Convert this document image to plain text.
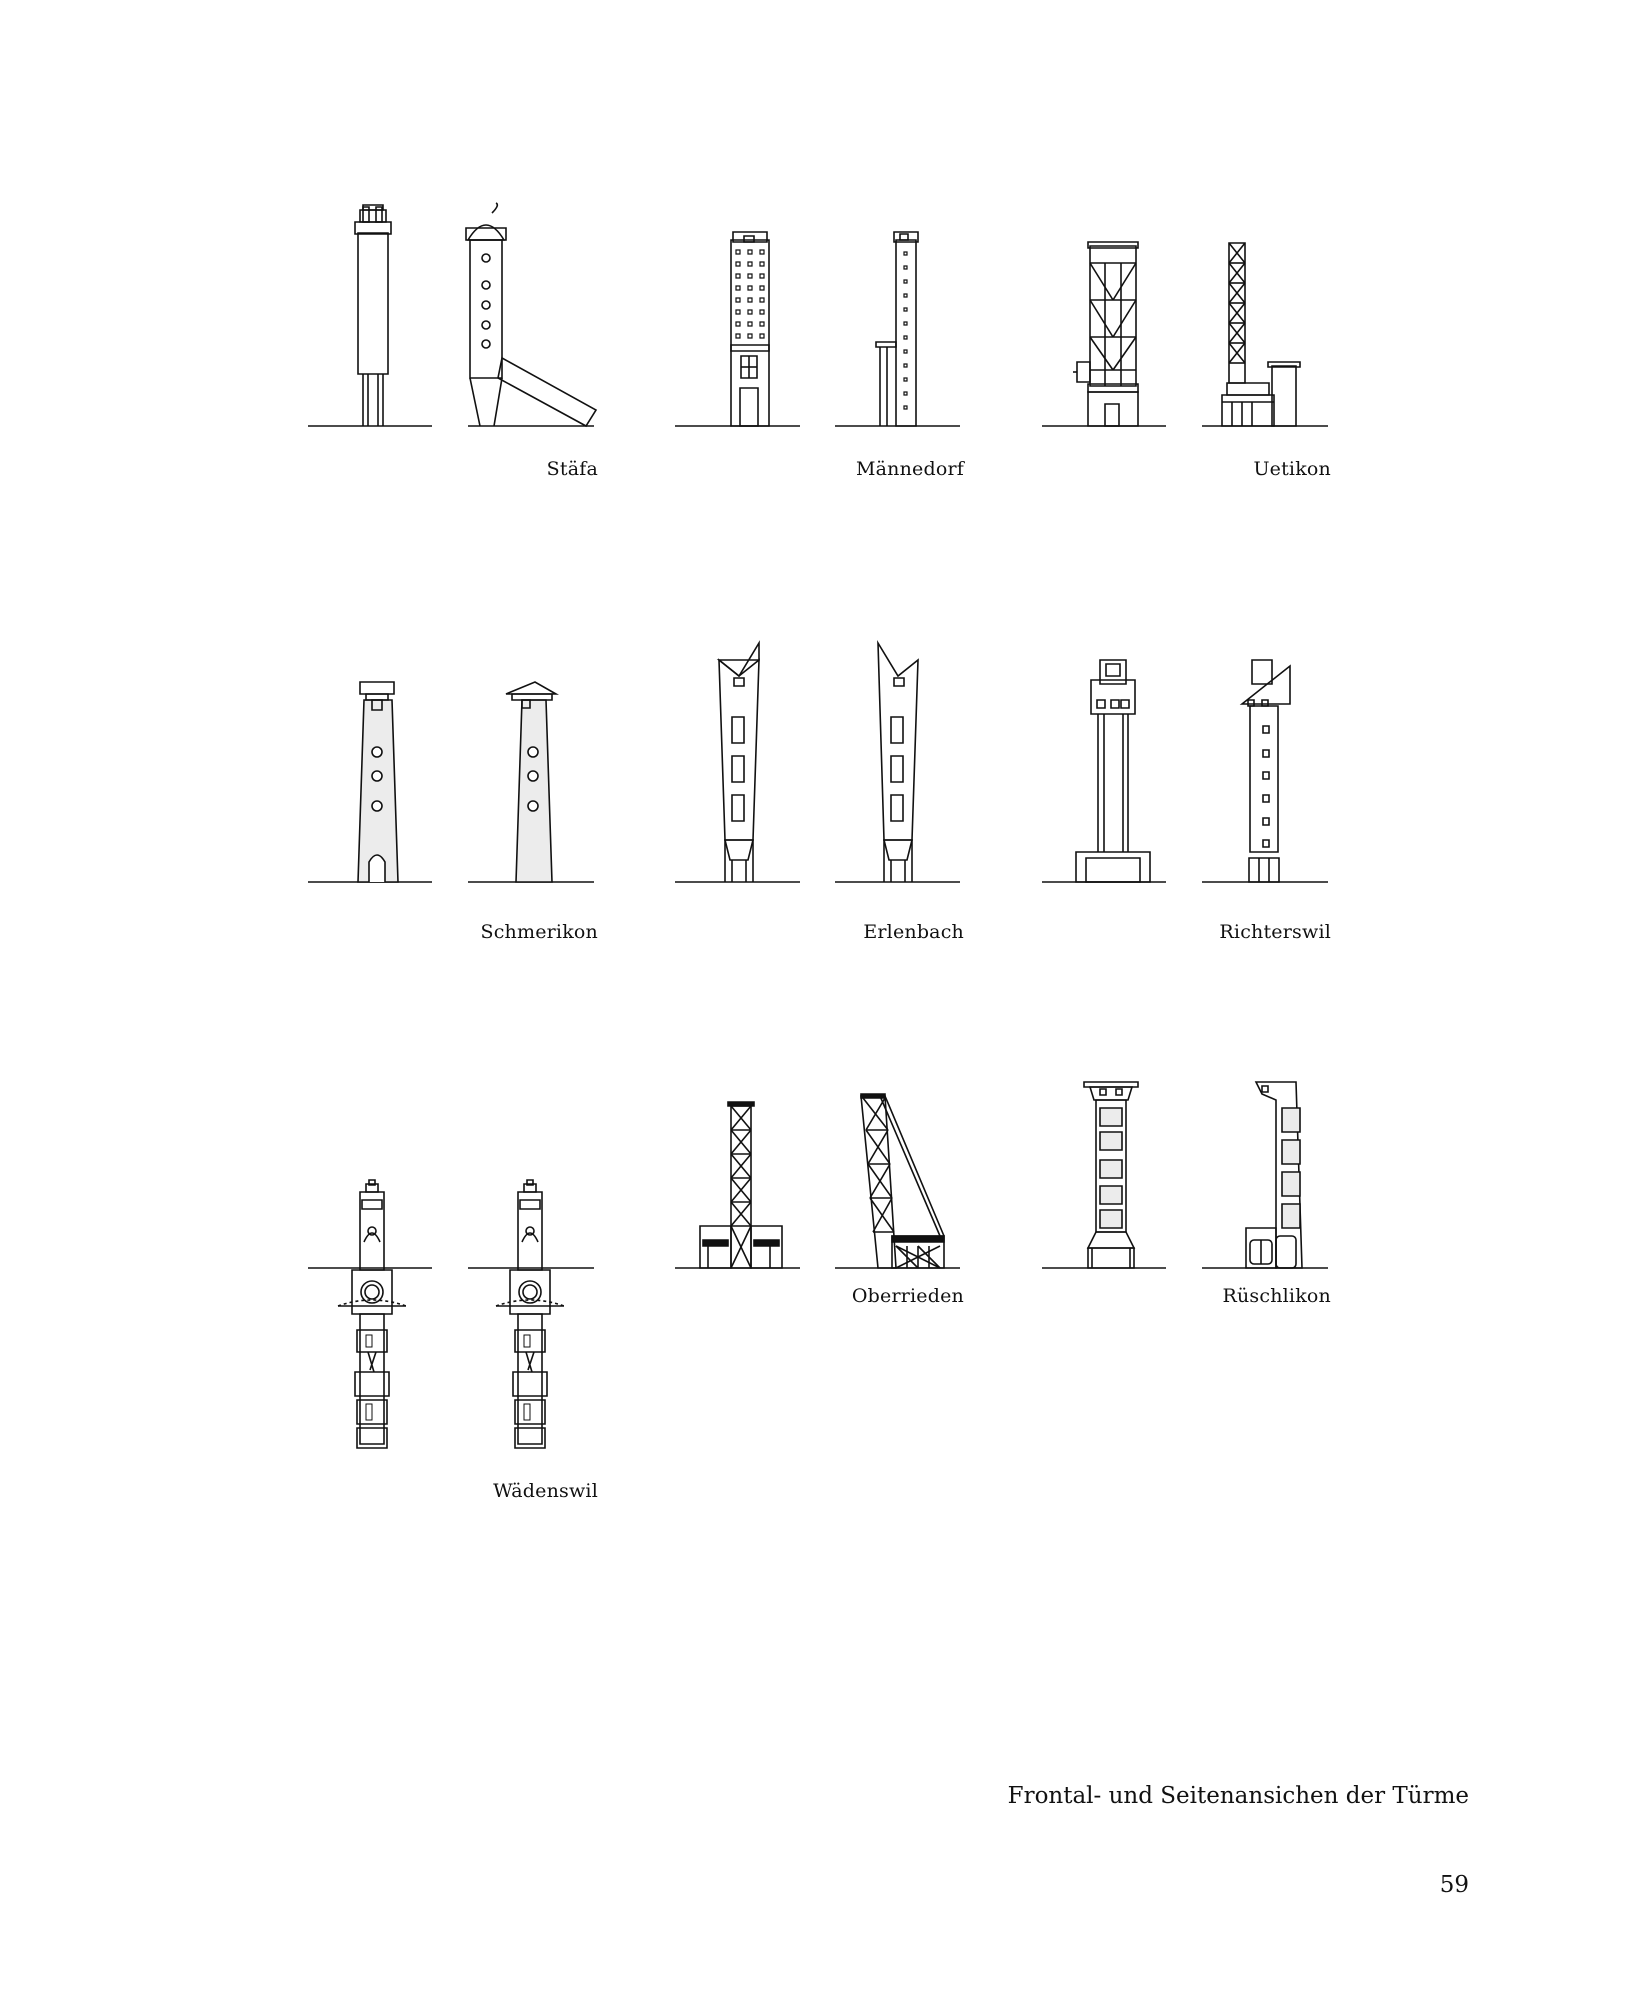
Stäfa	Männedorf	Uetikon
Schmerikon	Erlenbach	Richterswil
Oberrieden	Rüschlikon
Wädenswil
Frontal- und Seitenansichen der Türme
59
